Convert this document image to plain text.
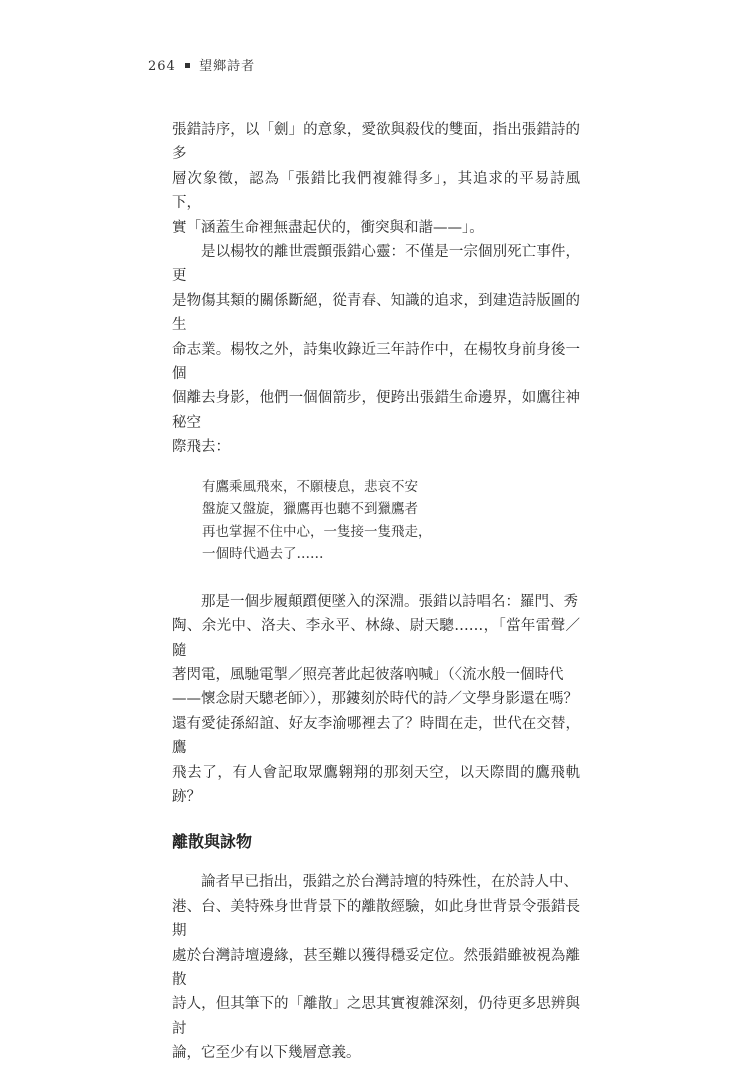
264 望鄉詩者

張錯詩序，以「劍」的意象，愛欲與殺伐的雙面，指出張錯詩的多
層次象徵，認為「張錯比我們複雜得多」，其追求的平易詩風下，
實「涵蓋生命裡無盡起伏的，衝突與和諧——」。

是以楊牧的離世震顫張錯心靈：不僅是一宗個別死亡事件，更
是物傷其類的關係斷絕，從青春、知識的追求，到建造詩版圖的生
命志業。楊牧之外，詩集收錄近三年詩作中，在楊牧身前身後一個
個離去身影，他們一個個箭步，便跨出張錯生命邊界，如鷹往神秘空
際飛去：

有鷹乘風飛來，不願棲息，悲哀不安
盤旋又盤旋，獵鷹再也聽不到獵鷹者
再也掌握不住中心，一隻接一隻飛走，
一個時代過去了……

那是一個步履顛躓便墜入的深淵。張錯以詩唱名：羅門、秀
陶、余光中、洛夫、李永平、林綠、尉天驄……，「當年雷聲／隨
著閃電，風馳電掣／照亮著此起彼落吶喊」（〈流水般一個時代
——懷念尉天驄老師〉），那鏤刻於時代的詩／文學身影還在嗎？
還有愛徒孫紹誼、好友李渝哪裡去了？時間在走，世代在交替，鷹
飛去了，有人會記取眾鷹翱翔的那刻天空，以天際間的鷹飛軌跡？

離散與詠物

論者早已指出，張錯之於台灣詩壇的特殊性，在於詩人中、
港、台、美特殊身世背景下的離散經驗，如此身世背景令張錯長期
處於台灣詩壇邊緣，甚至難以獲得穩妥定位。然張錯雖被視為離散
詩人，但其筆下的「離散」之思其實複雜深刻，仍待更多思辨與討
論，它至少有以下幾層意義。
